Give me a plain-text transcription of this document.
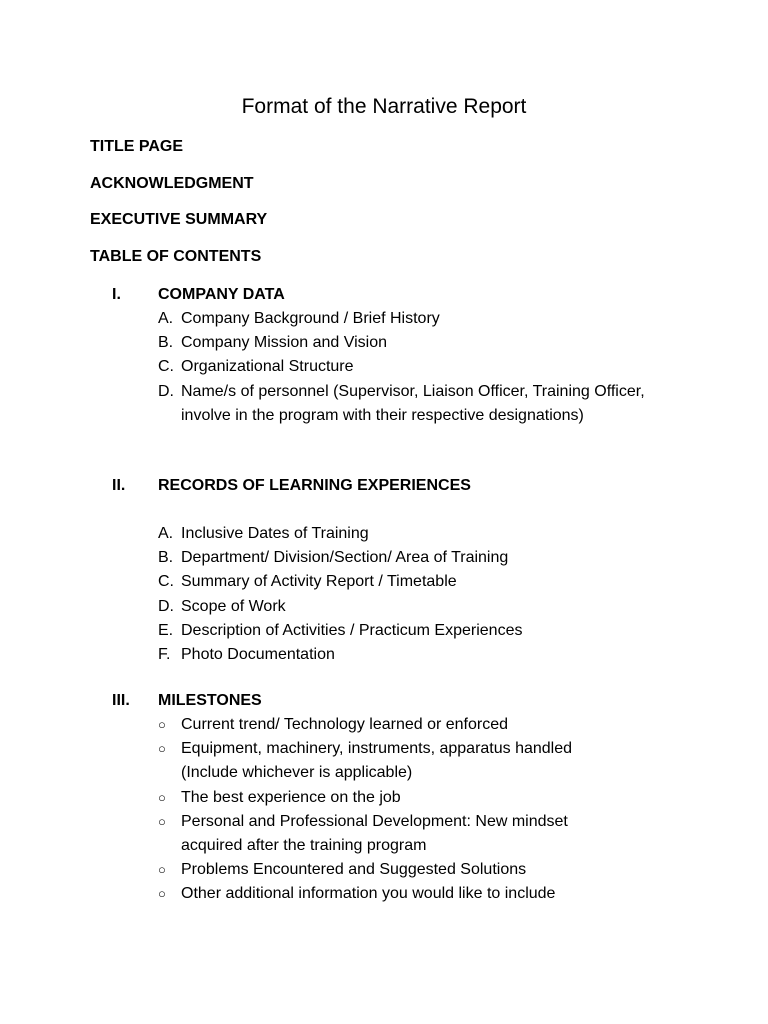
Format of the Narrative Report
TITLE PAGE
ACKNOWLEDGMENT
EXECUTIVE SUMMARY
TABLE OF CONTENTS
I. COMPANY DATA
A. Company Background / Brief History
B. Company Mission and Vision
C. Organizational Structure
D. Name/s of personnel (Supervisor, Liaison Officer, Training Officer, involve in the program with their respective designations)
II. RECORDS OF LEARNING EXPERIENCES
A. Inclusive Dates of Training
B. Department/ Division/Section/ Area of Training
C. Summary of Activity Report / Timetable
D. Scope of Work
E. Description of Activities / Practicum Experiences
F. Photo Documentation
III. MILESTONES
○ Current trend/ Technology learned or enforced
○ Equipment, machinery, instruments, apparatus handled (Include whichever is applicable)
○ The best experience on the job
○ Personal and Professional Development: New mindset acquired after the training program
○ Problems Encountered and Suggested Solutions
○ Other additional information you would like to include
